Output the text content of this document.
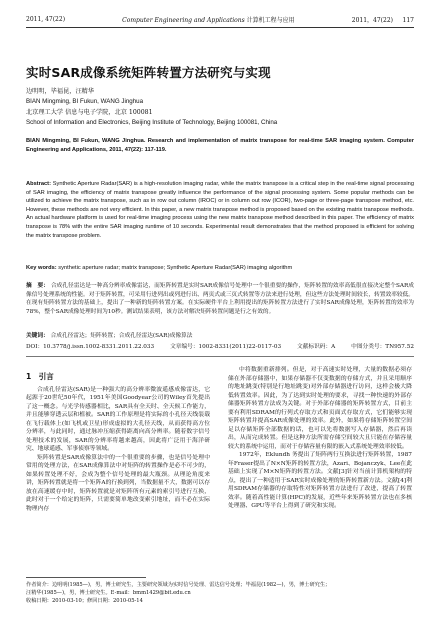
2011, 47(22)	Computer Engineering and Applications 计算机工程与应用	2011，47(22) 117
实时SAR成像系统矩阵转置方法研究与实现
边明明，毕福昆，汪精华
BIAN Mingming, BI Fukun, WANG Jinghua
北京理工大学 信息与电子学院，北京 100081
School of Information and Electronics, Beijing Institute of Technology, Beijing 100081, China
BIAN Mingming, BI Fukun, WANG Jinghua. Research and implementation of matrix transpose for real-time SAR imaging system. Computer Engineering and Applications, 2011, 47(22): 117-119.
Abstract: Synthetic Aperture Radar(SAR) is a high-resolution imaging radar, while the matrix transpose is a critical step in the real-time signal processing of SAR imaging, the efficiency of matrix transpose greatly influence the performance of the signal processing system. Some popular methods can be utilized to achieve the matrix transpose, such as in row out column (IROC) or in column out row (ICOR), two-page or three-page transpose method, etc. However, these methods are not very efficient. In this paper, a new matrix transpose method is proposed based on the existing matrix transpose methods. An actual hardware platform is used for real-time imaging process using the new matrix transpose method described in this paper. The efficiency of matrix transpose is 78% with the entire SAR imaging runtime of 10 seconds. Experimental result demonstrates that the method proposed is efficient for solving the matrix transpose problem.
Key words: synthetic aperture radar; matrix transpose; Synthetic Aperture Radar(SAR) imaging algorithm
摘　要： 合成孔径雷达是一种高分辨率成像雷达，而矩阵转置是实时SAR成像信号处理中一个很重要的操作，矩阵转置的效率高低很直接决定整个SAR成像信号处理系统的性能。对于矩阵转置，可采用行进列出或列进行出、两页式或三页式转置等方法来进行处理，但这些方法处理时间较长，转置效率较低。在现有矩阵转置方法的基础上，提出了一种新的矩阵转置方案。在实际硬件平台上利用提出的矩阵转置方法进行了实时SAR成像处理，矩阵转置的效率为78%，整个SAR成像处理时间为10秒。测试结果表明，该方法对解决矩阵转置问题是行之有效的。
关键词： 合成孔径雷达；矩阵转置；合成孔径雷达(SAR)成像算法
DOI：10.3778/j.issn.1002-8331.2011.22.033	文章编号：1002-8331(2011)22-0117-03	文献标识码：A	中图分类号：TN957.52
1　引言

合成孔径雷达(SAR)是一种强大的高分辨率微波遥感成像雷达，它起源于20世纪50年代，1951年美国Goodyear公司的Wiley首先提出了这一概念。与光学传感器相比，SAR具有全天时、全天候工作能力，并且能够穿透云层和植被。SAR的工作原理是将实际的小孔径天线装载在飞行载体上(如飞机或卫星)形成虚拟的大孔径天线，从而获得高方位分辨率，与此同时，通过脉冲压缩获得距离向高分辨率。随着数字信号处理技术的发展，SAR的分辨率将越来越高，因此将广泛用于海洋研究、地球遥感、军事侦察等领域。

矩阵转置是SAR成像算法中的一个很重要的步骤，也是信号处理中常用的处理方法，在SAR成像算法中对矩阵的转置操作是必不可少的，如果转置处理不好，会成为整个信号处理的最大瓶颈。从理论角度来讲，矩阵转置就是将一个矩阵A的行换到列，当数据量不大，数据可以存放在高速缓存中时，矩阵转置就是对矩阵所有元素的索引号进行互换，此时对于一个给定的矩阵，只需要简单地改变索引地址，而不必在实际物理内存

中将数据重新排列。但是，对于高速实时处理，大量的数据必须存储在外部存储器中，如果存储器不仅变数据的存储方式，并且采用顺序的地址跳变(特别是行地址跳变)对外部存储器进行访问，这样会极大降低转置效率。因此，为了达到实时处理的要求，寻找一种快速的外部存储器矩阵转置方法成为关键。对于外部存储器的矩阵转置方式，目前主要有利用SDRAM的行列式存取方式和页面式存取方式，它们能够实现矩阵转置并提高SAR成像处理的效率。此外，如果将存储矩阵转置空间足以存储矩阵全部数据的话，也可以先将数据写入存储器，然后再读出，从而完成转置。但是这种方法所需存储空间较大且只能在存储容量较大的系统中运用，而对于存储容量有限的嵌入式系统处理效率较低。

1972年，Eklundh 务提出了矩阵两行互换法进行矩阵转置，1987年Fraser提出了N×N矩阵的转置方法，Azari、Bojanczyk、Lee在此基础上实现了M×N矩阵的转置方法。文献[3]针对当前计算机架构的特点，提出了一种适用于SAR实时成像处理的矩阵转置新方法。文献[4]利用SDRAM存储器的存取特性对矩阵转置方法进行了改进，提高了转置效率。随着高性能计算(HPC)的发展，近些年来矩阵转置方法也在多核处理器、GPU等平台上得到了研究和实现。

作者简介：边明明(1985—)，男，博士研究生，主要研究领域为实时信号处理、雷达信号处理；毕福昆(1982—)，男，博士研究生；
汪精华(1985—)，男，博士研究生。E-mail：bmm1429@bit.edu.cn
收稿日期：2010-03-10；修回日期：2010-05-14
